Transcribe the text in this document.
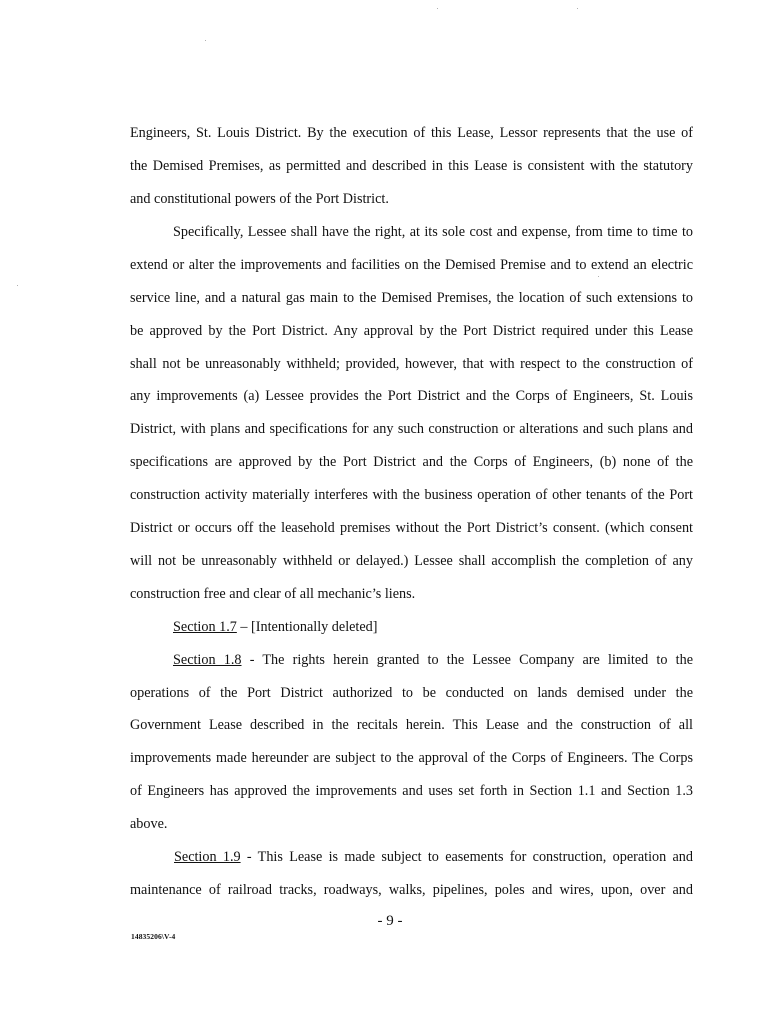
Engineers, St. Louis District. By the execution of this Lease, Lessor represents that the use of
the Demised Premises, as permitted and described in this Lease is consistent with the statutory
and constitutional powers of the Port District.
Specifically, Lessee shall have the right, at its sole cost and expense, from time to time to
extend or alter the improvements and facilities on the Demised Premise and to extend an electric
service line, and a natural gas main to the Demised Premises, the location of such extensions to
be approved by the Port District. Any approval by the Port District required under this Lease
shall not be unreasonably withheld; provided, however, that with respect to the construction of
any improvements (a) Lessee provides the Port District and the Corps of Engineers, St. Louis
District, with plans and specifications for any such construction or alterations and such plans and
specifications are approved by the Port District and the Corps of Engineers, (b) none of the
construction activity materially interferes with the business operation of other tenants of the Port
District or occurs off the leasehold premises without the Port District’s consent. (which consent
will not be unreasonably withheld or delayed.) Lessee shall accomplish the completion of any
construction free and clear of all mechanic’s liens.
Section 1.7 – [Intentionally deleted]
Section 1.8 - The rights herein granted to the Lessee Company are limited to the
operations of the Port District authorized to be conducted on lands demised under the
Government Lease described in the recitals herein. This Lease and the construction of all
improvements made hereunder are subject to the approval of the Corps of Engineers. The Corps
of Engineers has approved the improvements and uses set forth in Section 1.1 and Section 1.3
above.
Section 1.9 - This Lease is made subject to easements for construction, operation and
maintenance of railroad tracks, roadways, walks, pipelines, poles and wires, upon, over and
- 9 -
14835206\V-4
